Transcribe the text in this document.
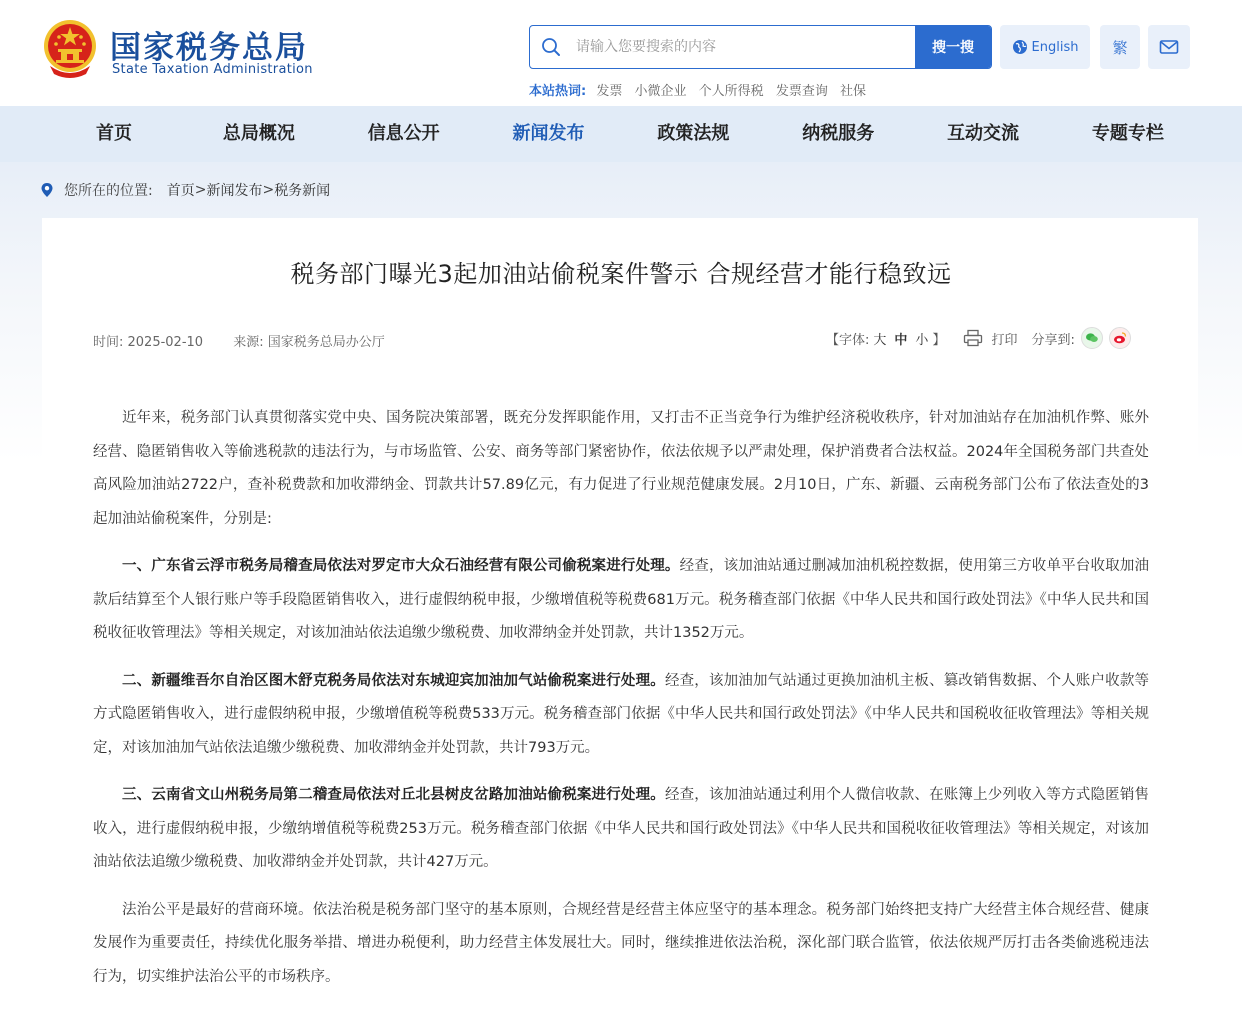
国家税务总局
State Taxation Administration
请输入您要搜索的内容
搜一搜	English	繁
本站热词: 发票 小微企业 个人所得税 发票查询 社保
首页	总局概况	信息公开	新闻发布	政策法规	纳税服务	互动交流	专题专栏
您所在的位置: 首页 > 新闻发布 > 税务新闻
税务部门曝光3起加油站偷税案件警示 合规经营才能行稳致远
时间: 2025-02-10 来源: 国家税务总局办公厅	【字体: 大 中 小 】	打印 分享到:

近年来，税务部门认真贯彻落实党中央、国务院决策部署，既充分发挥职能作用，又打击不正当竞争行为维护经济税收秩序，针对加油站存在加油机作弊、账外经营、隐匿销售收入等偷逃税款的违法行为，与市场监管、公安、商务等部门紧密协作，依法依规予以严肃处理，保护消费者合法权益。2024年全国税务部门共查处高风险加油站2722户，查补税费款和加收滞纳金、罚款共计57.89亿元，有力促进了行业规范健康发展。2月10日，广东、新疆、云南税务部门公布了依法查处的3起加油站偷税案件，分别是:

一、广东省云浮市税务局稽查局依法对罗定市大众石油经营有限公司偷税案进行处理。经查，该加油站通过删减加油机税控数据，使用第三方收单平台收取加油款后结算至个人银行账户等手段隐匿销售收入，进行虚假纳税申报，少缴增值税等税费681万元。税务稽查部门依据《中华人民共和国行政处罚法》《中华人民共和国税收征收管理法》等相关规定，对该加油站依法追缴少缴税费、加收滞纳金并处罚款，共计1352万元。

二、新疆维吾尔自治区图木舒克税务局依法对东城迎宾加油加气站偷税案进行处理。经查，该加油加气站通过更换加油机主板、篡改销售数据、个人账户收款等方式隐匿销售收入，进行虚假纳税申报，少缴增值税等税费533万元。税务稽查部门依据《中华人民共和国行政处罚法》《中华人民共和国税收征收管理法》等相关规定，对该加油加气站依法追缴少缴税费、加收滞纳金并处罚款，共计793万元。

三、云南省文山州税务局第二稽查局依法对丘北县树皮岔路加油站偷税案进行处理。经查，该加油站通过利用个人微信收款、在账簿上少列收入等方式隐匿销售收入，进行虚假纳税申报，少缴纳增值税等税费253万元。税务稽查部门依据《中华人民共和国行政处罚法》《中华人民共和国税收征收管理法》等相关规定，对该加油站依法追缴少缴税费、加收滞纳金并处罚款，共计427万元。

法治公平是最好的营商环境。依法治税是税务部门坚守的基本原则，合规经营是经营主体应坚守的基本理念。税务部门始终把支持广大经营主体合规经营、健康发展作为重要责任，持续优化服务举措、增进办税便利，助力经营主体发展壮大。同时，继续推进依法治税，深化部门联合监管，依法依规严厉打击各类偷逃税违法行为，切实维护法治公平的市场秩序。
